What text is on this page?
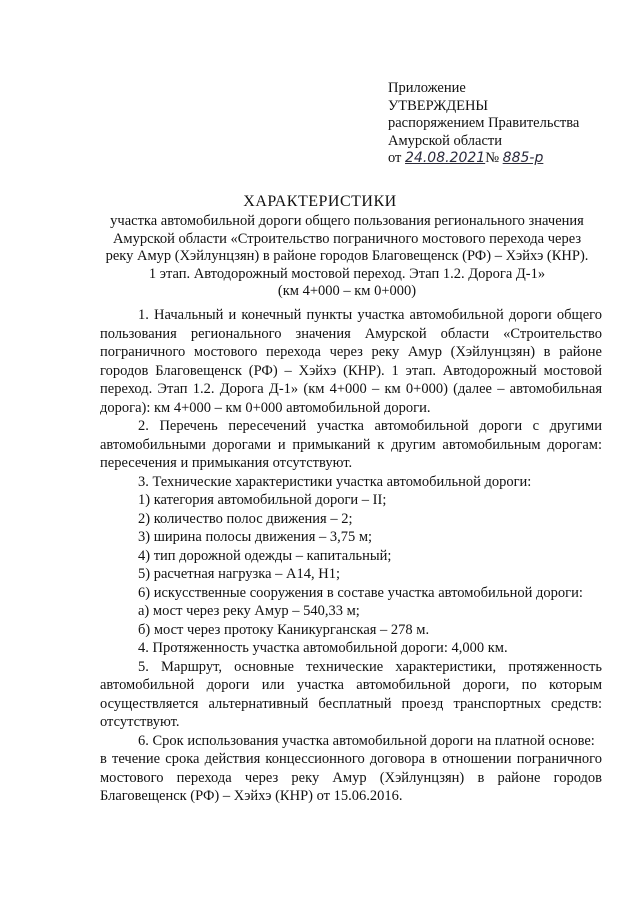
Приложение
УТВЕРЖДЕНЫ
распоряжением Правительства
Амурской области
от 24.08.2021№ 885-р
ХАРАКТЕРИСТИКИ
участка автомобильной дороги общего пользования регионального значения
Амурской области «Строительство пограничного мостового перехода через
реку Амур (Хэйлунцзян) в районе городов Благовещенск (РФ) – Хэйхэ (КНР).
1 этап. Автодорожный мостовой переход. Этап 1.2. Дорога Д-1»
(км 4+000 – км 0+000)

1. Начальный и конечный пункты участка автомобильной дороги общего пользования регионального значения Амурской области «Строительство пограничного мостового перехода через реку Амур (Хэйлунцзян) в районе городов Благовещенск (РФ) – Хэйхэ (КНР). 1 этап. Автодорожный мостовой переход. Этап 1.2. Дорога Д-1» (км 4+000 – км 0+000) (далее – автомобильная дорога): км 4+000 – км 0+000 автомобильной дороги.

2. Перечень пересечений участка автомобильной дороги с другими автомобильными дорогами и примыканий к другим автомобильным дорогам: пересечения и примыкания отсутствуют.

3. Технические характеристики участка автомобильной дороги:
1) категория автомобильной дороги – II;
2) количество полос движения – 2;
3) ширина полосы движения – 3,75 м;
4) тип дорожной одежды – капитальный;
5) расчетная нагрузка – А14, Н1;
6) искусственные сооружения в составе участка автомобильной дороги:
а) мост через реку Амур – 540,33 м;
б) мост через протоку Каникурганская – 278 м.
4. Протяженность участка автомобильной дороги: 4,000 км.

5. Маршрут, основные технические характеристики, протяженность автомобильной дороги или участка автомобильной дороги, по которым осуществляется альтернативный бесплатный проезд транспортных средств: отсутствуют.

6. Срок использования участка автомобильной дороги на платной основе:

в течение срока действия концессионного договора в отношении пограничного мостового перехода через реку Амур (Хэйлунцзян) в районе городов Благовещенск (РФ) – Хэйхэ (КНР) от 15.06.2016.
